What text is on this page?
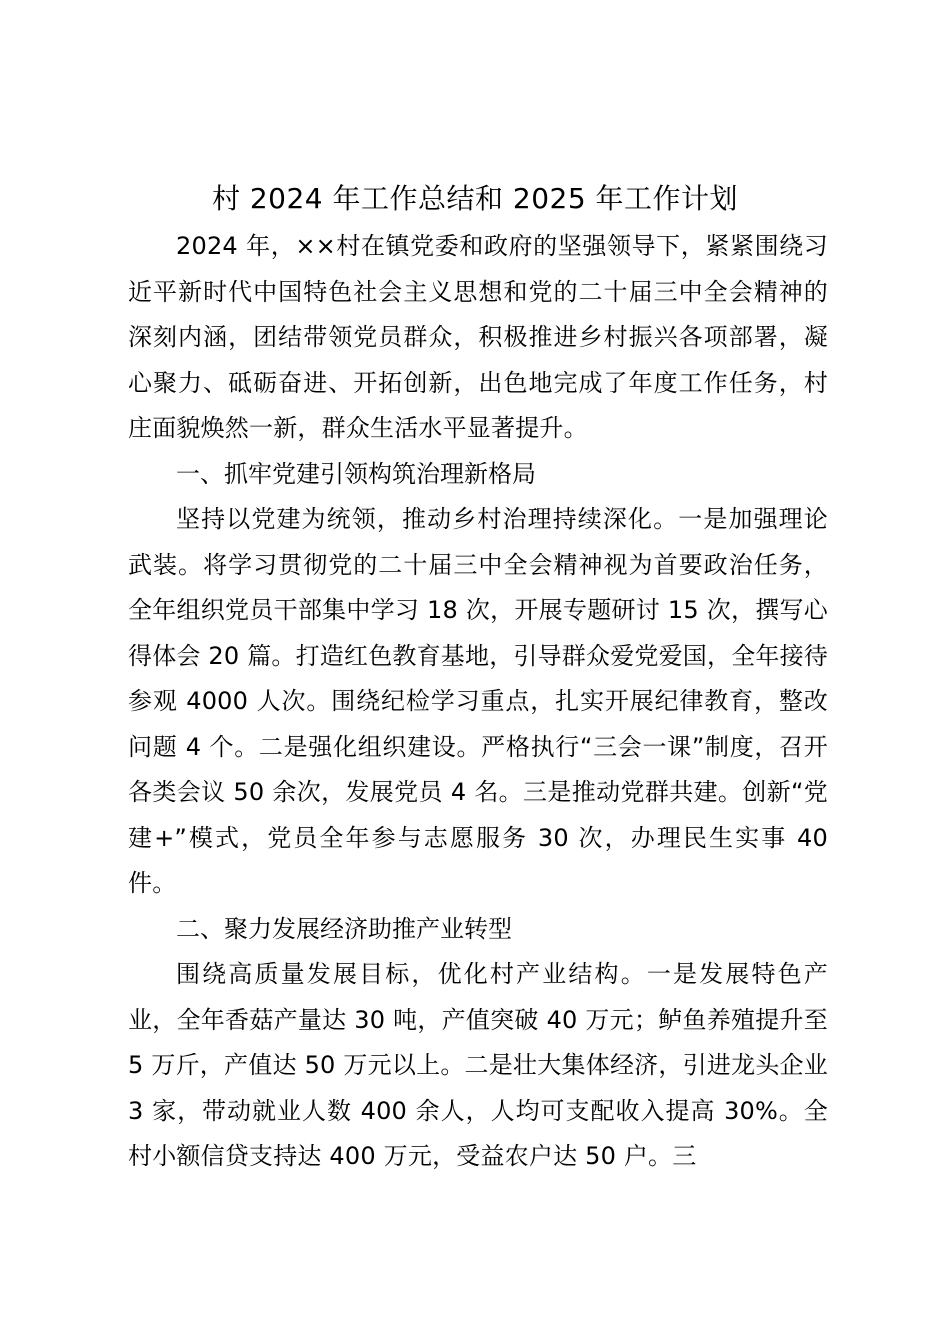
村 2024 年工作总结和 2025 年工作计划

2024 年，××村在镇党委和政府的坚强领导下，紧紧围绕习近平新时代中国特色社会主义思想和党的二十届三中全会精神的深刻内涵，团结带领党员群众，积极推进乡村振兴各项部署，凝心聚力、砥砺奋进、开拓创新，出色地完成了年度工作任务，村庄面貌焕然一新，群众生活水平显著提升。

一、抓牢党建引领构筑治理新格局

坚持以党建为统领，推动乡村治理持续深化。一是加强理论武装。将学习贯彻党的二十届三中全会精神视为首要政治任务，全年组织党员干部集中学习 18 次，开展专题研讨 15 次，撰写心得体会 20 篇。打造红色教育基地，引导群众爱党爱国，全年接待参观 4000 人次。围绕纪检学习重点，扎实开展纪律教育，整改问题 4 个。二是强化组织建设。严格执行“三会一课”制度，召开各类会议 50 余次，发展党员 4 名。三是推动党群共建。创新“党建+”模式，党员全年参与志愿服务 30 次，办理民生实事 40 件。

二、聚力发展经济助推产业转型

围绕高质量发展目标，优化村产业结构。一是发展特色产业，全年香菇产量达 30 吨，产值突破 40 万元；鲈鱼养殖提升至 5 万斤，产值达 50 万元以上。二是壮大集体经济，引进龙头企业 3 家，带动就业人数 400 余人，人均可支配收入提高 30%。全村小额信贷支持达 400 万元，受益农户达 50 户。三
